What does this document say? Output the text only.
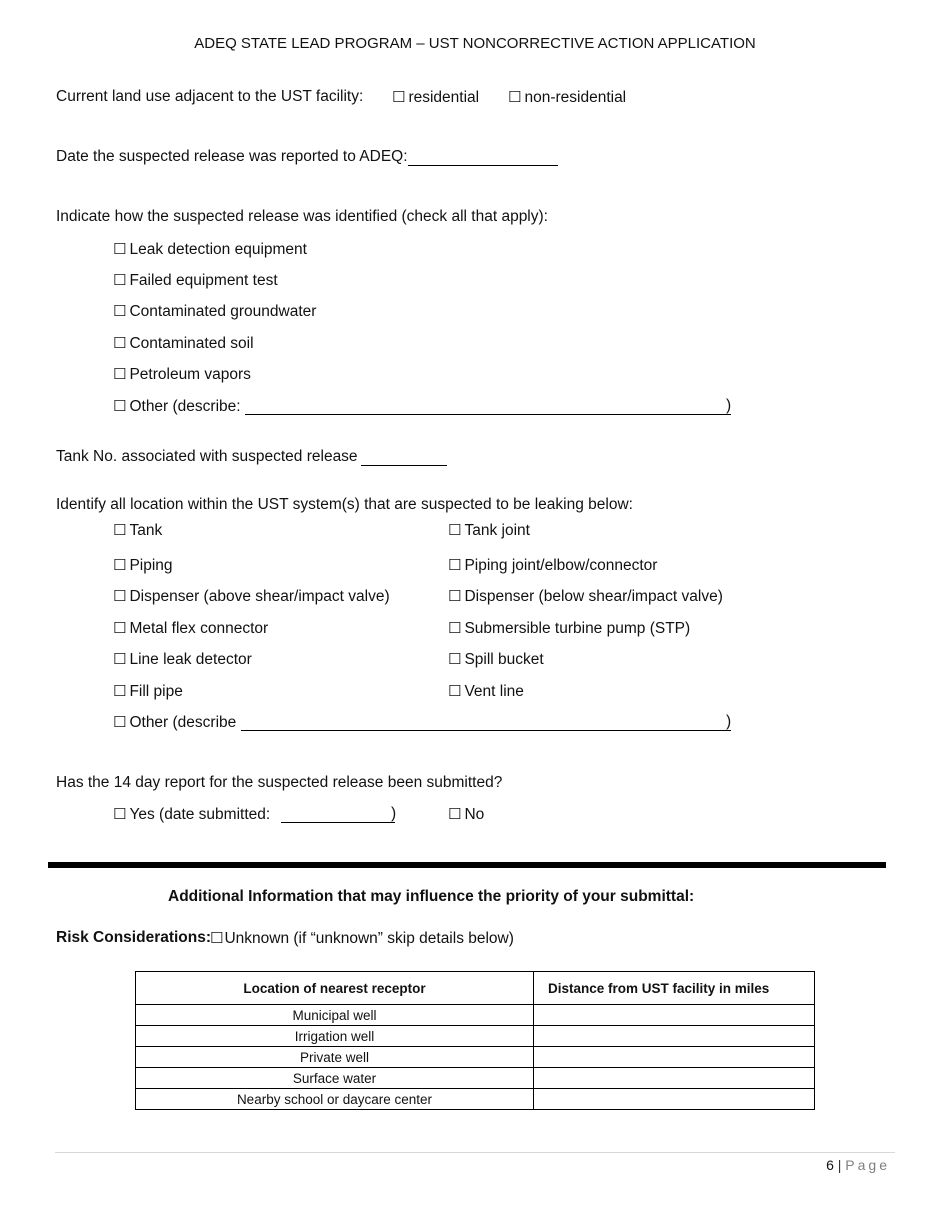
ADEQ STATE LEAD PROGRAM – UST NONCORRECTIVE ACTION APPLICATION
Current land use adjacent to the UST facility: ☐ residential ☐ non-residential
Date the suspected release was reported to ADEQ:
Indicate how the suspected release was identified (check all that apply):
☐ Leak detection equipment
☐ Failed equipment test
☐ Contaminated groundwater
☐ Contaminated soil
☐ Petroleum vapors
☐ Other (describe:	)
Tank No. associated with suspected release
Identify all location within the UST system(s) that are suspected to be leaking below:
☐ Tank
☐ Piping
☐ Dispenser (above shear/impact valve)
☐ Metal flex connector
☐ Line leak detector
☐ Fill pipe
☐ Tank joint
☐ Piping joint/elbow/connector
☐ Dispenser (below shear/impact valve)
☐ Submersible turbine pump (STP)
☐ Spill bucket
☐ Vent line
☐ Other (describe	)
Has the 14 day report for the suspected release been submitted?
☐ Yes (date submitted:	)	☐ No
Additional Information that may influence the priority of your submittal:
Risk Considerations:
☐Unknown (if “unknown” skip details below)
Location of nearest receptor	Distance from UST facility in miles
Municipal well	
Irrigation well	
Private well	
Surface water	
Nearby school or daycare center	
6 | Page
